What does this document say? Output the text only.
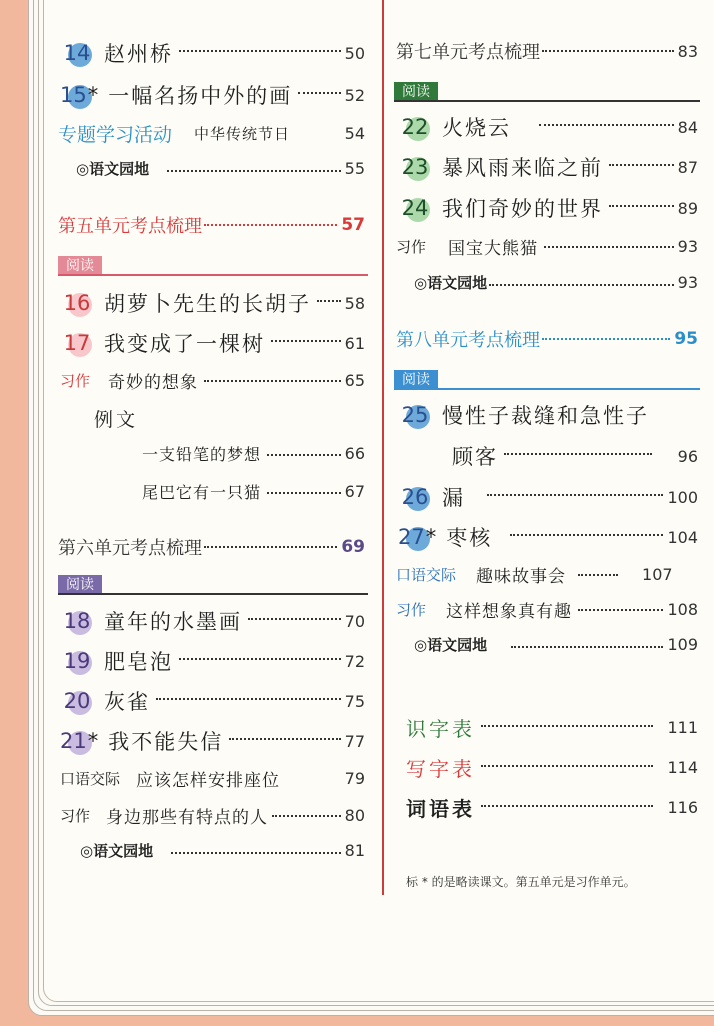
14 赵州桥	50
15* 一幅名扬中外的画	52
专题学习活动 中华传统节日	54
◎语文园地	55
第五单元考点梳理	57
阅读
16 胡萝卜先生的长胡子 58
17 我变成了一棵树	61
习作 奇妙的想象	65
例文
一支铅笔的梦想	66
尾巴它有一只猫	67
第六单元考点梳理	69
阅读
18 童年的水墨画	70
19 肥皂泡	72
20 灰雀	75
21* 我不能失信	77
口语交际 应该怎样安排座位	79
习作 身边那些有特点的人	80
◎语文园地	81
第七单元考点梳理	83
阅读
22 火烧云	84
23 暴风雨来临之前	87
24 我们奇妙的世界	89
习作 国宝大熊猫	93
◎语文园地	93
第八单元考点梳理	95
阅读
25 慢性子裁缝和急性子
顾客	96
26 漏	100
27* 枣核	104
口语交际 趣味故事会	107
习作 这样想象真有趣	108
◎语文园地	109
识字表	111
写字表	114
词语表	116
标 * 的是略读课文。第五单元是习作单元。
